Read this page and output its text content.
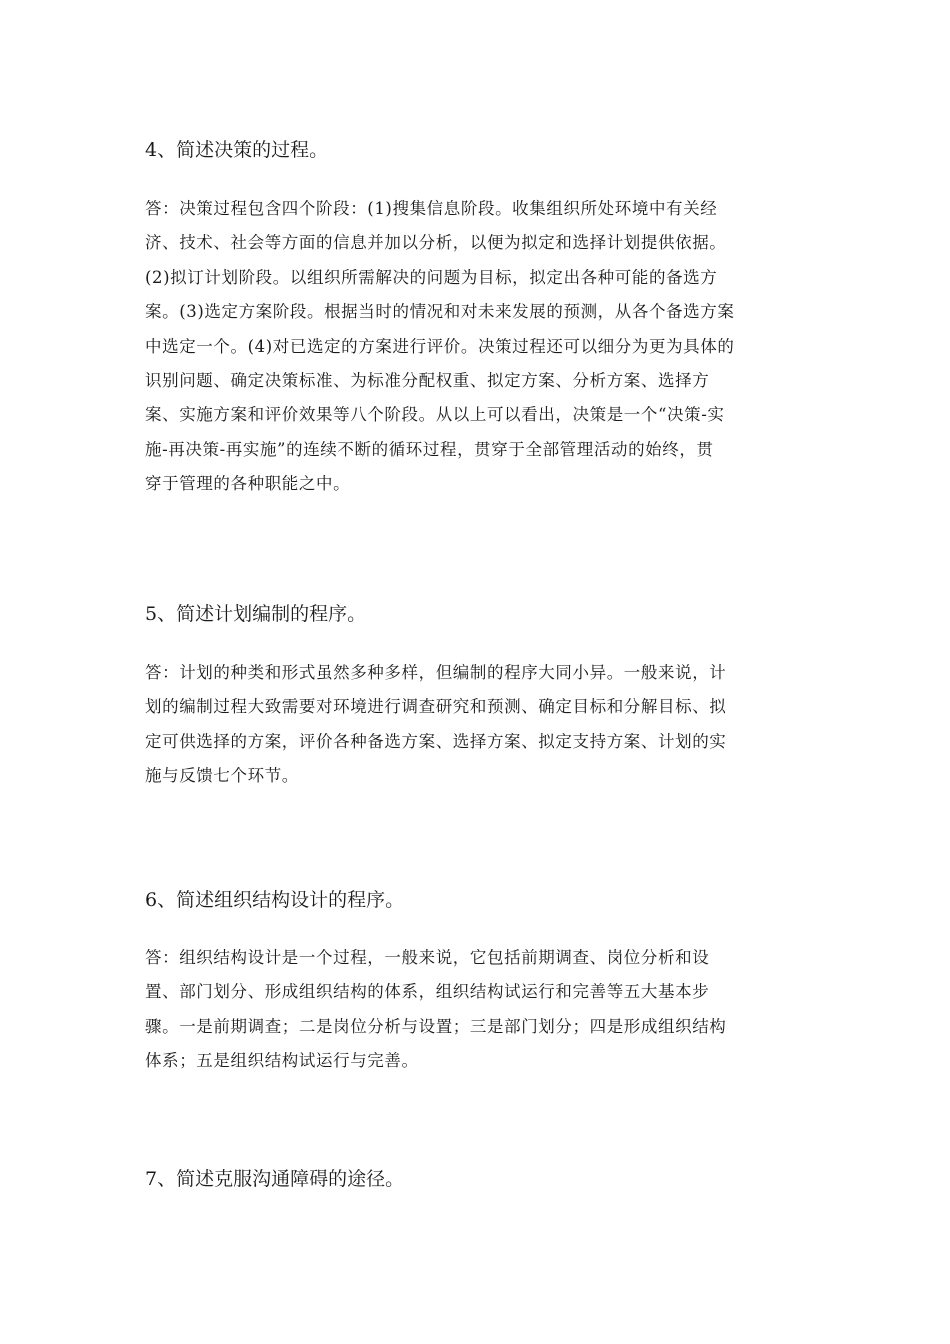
4、简述决策的过程。
答：决策过程包含四个阶段：(1)搜集信息阶段。收集组织所处环境中有关经
济、技术、社会等方面的信息并加以分析，以便为拟定和选择计划提供依据。
(2)拟订计划阶段。以组织所需解决的问题为目标，拟定出各种可能的备选方
案。(3)选定方案阶段。根据当时的情况和对未来发展的预测，从各个备选方案
中选定一个。(4)对已选定的方案进行评价。决策过程还可以细分为更为具体的
识别问题、确定决策标准、为标准分配权重、拟定方案、分析方案、选择方
案、实施方案和评价效果等八个阶段。从以上可以看出，决策是一个“决策-实
施-再决策-再实施”的连续不断的循环过程，贯穿于全部管理活动的始终，贯
穿于管理的各种职能之中。
5、简述计划编制的程序。
答：计划的种类和形式虽然多种多样，但编制的程序大同小异。一般来说，计
划的编制过程大致需要对环境进行调查研究和预测、确定目标和分解目标、拟
定可供选择的方案，评价各种备选方案、选择方案、拟定支持方案、计划的实
施与反馈七个环节。
6、简述组织结构设计的程序。
答：组织结构设计是一个过程，一般来说，它包括前期调查、岗位分析和设
置、部门划分、形成组织结构的体系，组织结构试运行和完善等五大基本步
骤。一是前期调查；二是岗位分析与设置；三是部门划分；四是形成组织结构
体系；五是组织结构试运行与完善。
7、简述克服沟通障碍的途径。
